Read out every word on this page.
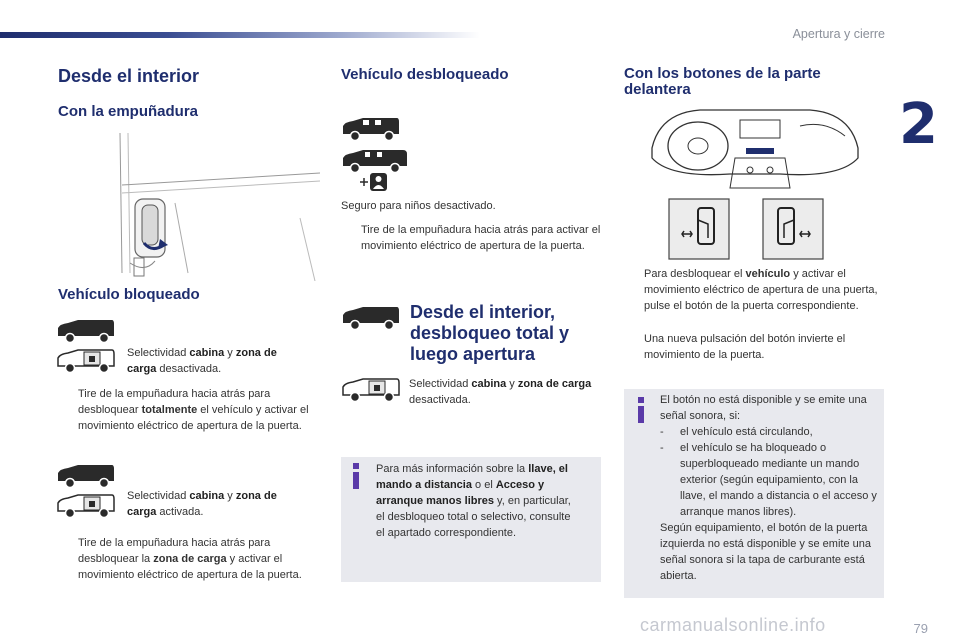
Apertura y cierre
2
Desde el interior
Con la empuñadura
Vehículo bloqueado
Selectividad cabina y zona de carga desactivada.
Tire de la empuñadura hacia atrás para desbloquear totalmente el vehículo y activar el movimiento eléctrico de apertura de la puerta.
Selectividad cabina y zona de carga activada.
Tire de la empuñadura hacia atrás para desbloquear la zona de carga y activar el movimiento eléctrico de apertura de la puerta.
Vehículo desbloqueado
Seguro para niños desactivado.
Tire de la empuñadura hacia atrás para activar el movimiento eléctrico de apertura de la puerta.
Desde el interior, desbloqueo total y luego apertura
Selectividad cabina y zona de carga desactivada.
Para más información sobre la llave, el mando a distancia o el Acceso y arranque manos libres y, en particular, el desbloqueo total o selectivo, consulte el apartado correspondiente.
Con los botones de la parte delantera
Para desbloquear el vehículo y activar el movimiento eléctrico de apertura de una puerta, pulse el botón de la puerta correspondiente.
Una nueva pulsación del botón invierte el movimiento de la puerta.
El botón no está disponible y se emite una señal sonora, si:
- el vehículo está circulando,
- el vehículo se ha bloqueado o superbloqueado mediante un mando exterior (según equipamiento, con la llave, el mando a distancia o el acceso y arranque manos libres).
Según equipamiento, el botón de la puerta izquierda no está disponible y se emite una señal sonora si la tapa de carburante está abierta.
carmanualsonline.info	79
